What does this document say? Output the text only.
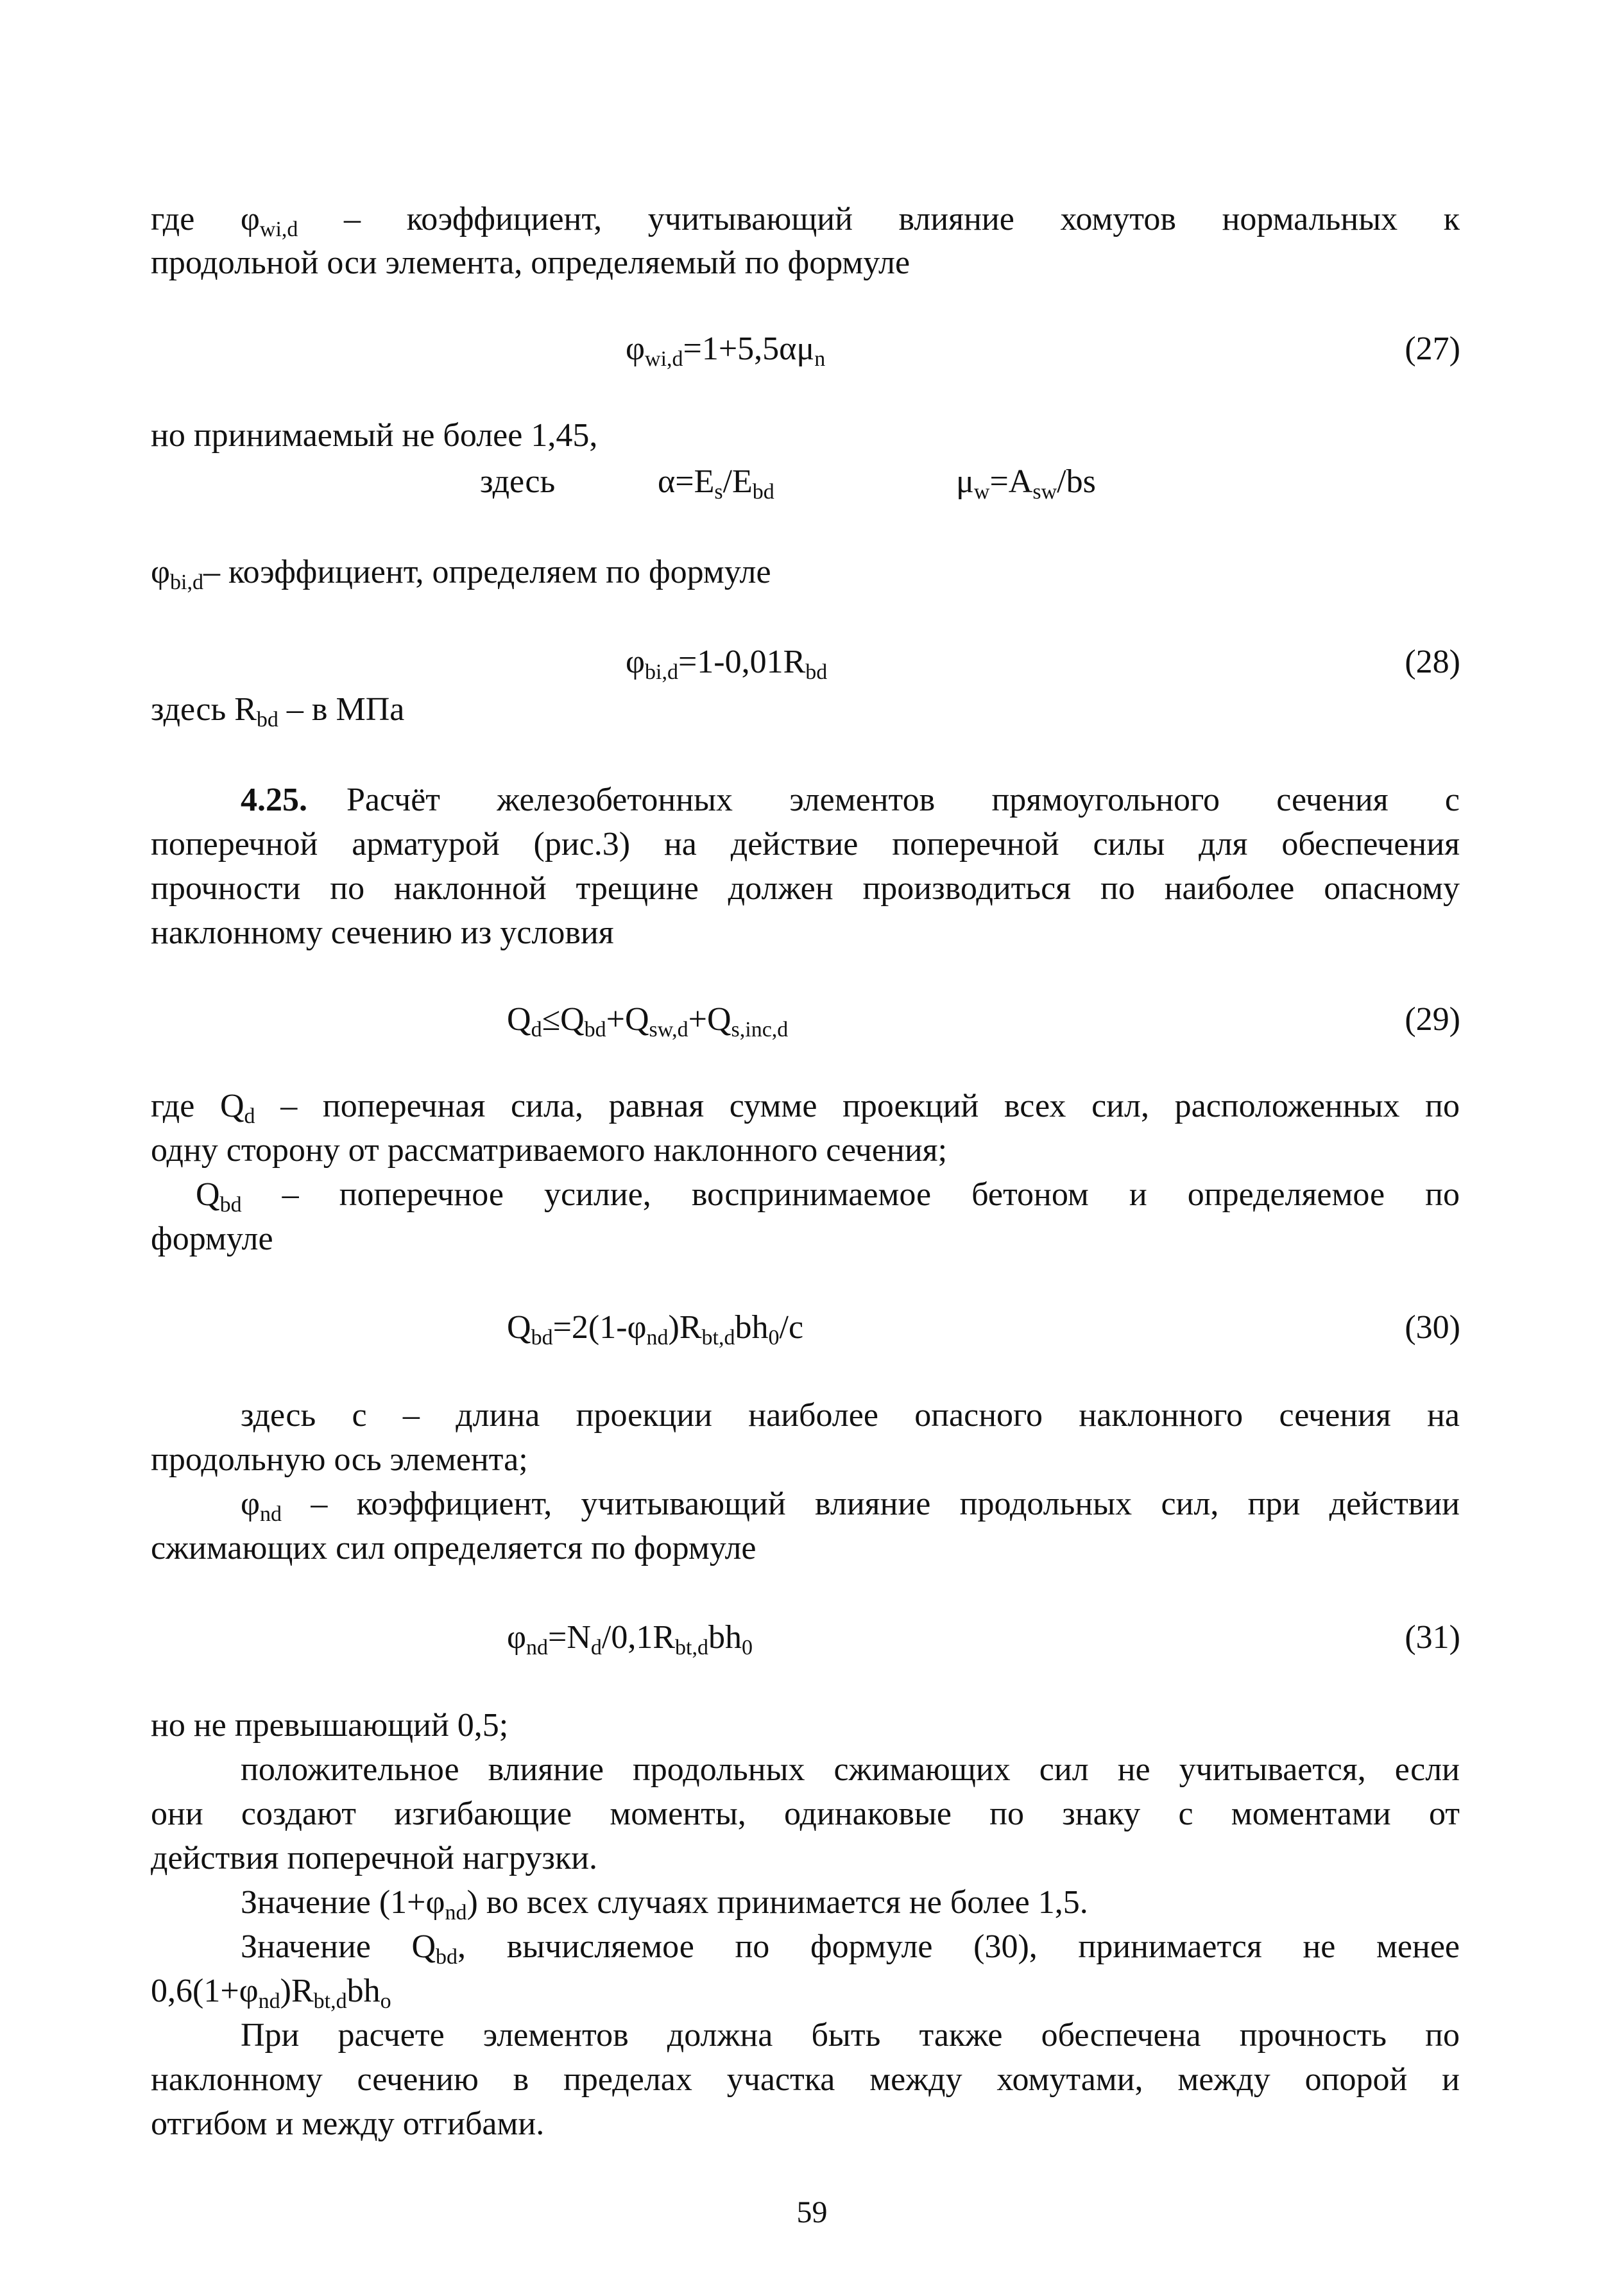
где $\varphi_{wi,d}$ – коэффициент, учитывающий влияние хомутов нормальных к
продольной оси элемента, определяемый по формуле
$\varphi_{wi,d}=1+5,5\alpha\mu_n$	(27)
но принимаемый не более 1,45,
здесь	$\alpha=E_s/E_{bd}$	$\mu_w=A_{sw}/bs$
$\varphi_{bi,d}-$ коэффициент, определяем по формуле
$\varphi_{bi,d}=1-0,01R_{bd}$	(28)
здесь $R_{bd}$ – в МПа
4.25. Расчёт железобетонных элементов прямоугольного сечения с
поперечной арматурой (рис.3) на действие поперечной силы для обеспечения
прочности по наклонной трещине должен производиться по наиболее опасному
наклонному сечению из условия
$Q_d\le Q_{bd}+Q_{sw,d}+Q_{s,inc,d}$	(29)
где $Q_d$ – поперечная сила, равная сумме проекций всех сил, расположенных по
одну сторону от рассматриваемого наклонного сечения;
$Q_{bd}$ – поперечное усилие, воспринимаемое бетоном и определяемое по
формуле
$Q_{bd}=2(1-\varphi_{nd})R_{bt,d}bh_0/c$	(30)
здесь с – длина проекции наиболее опасного наклонного сечения на
продольную ось элемента;
$\varphi_{nd}$ – коэффициент, учитывающий влияние продольных сил, при действии
сжимающих сил определяется по формуле
$\varphi_{nd}=N_d/0,1R_{bt,d}bh_0$	(31)
но не превышающий 0,5;
положительное влияние продольных сжимающих сил не учитывается, если
они создают изгибающие моменты, одинаковые по знаку с моментами от
действия поперечной нагрузки.
Значение $(1+\varphi_{nd})$ во всех случаях принимается не более 1,5.
Значение $Q_{bd}$, вычисляемое по формуле (30), принимается не менее
$0,6(1+\varphi_{nd})R_{bt,d}bh_o$
При расчете элементов должна быть также обеспечена прочность по
наклонному сечению в пределах участка между хомутами, между опорой и
отгибом и между отгибами.
59
